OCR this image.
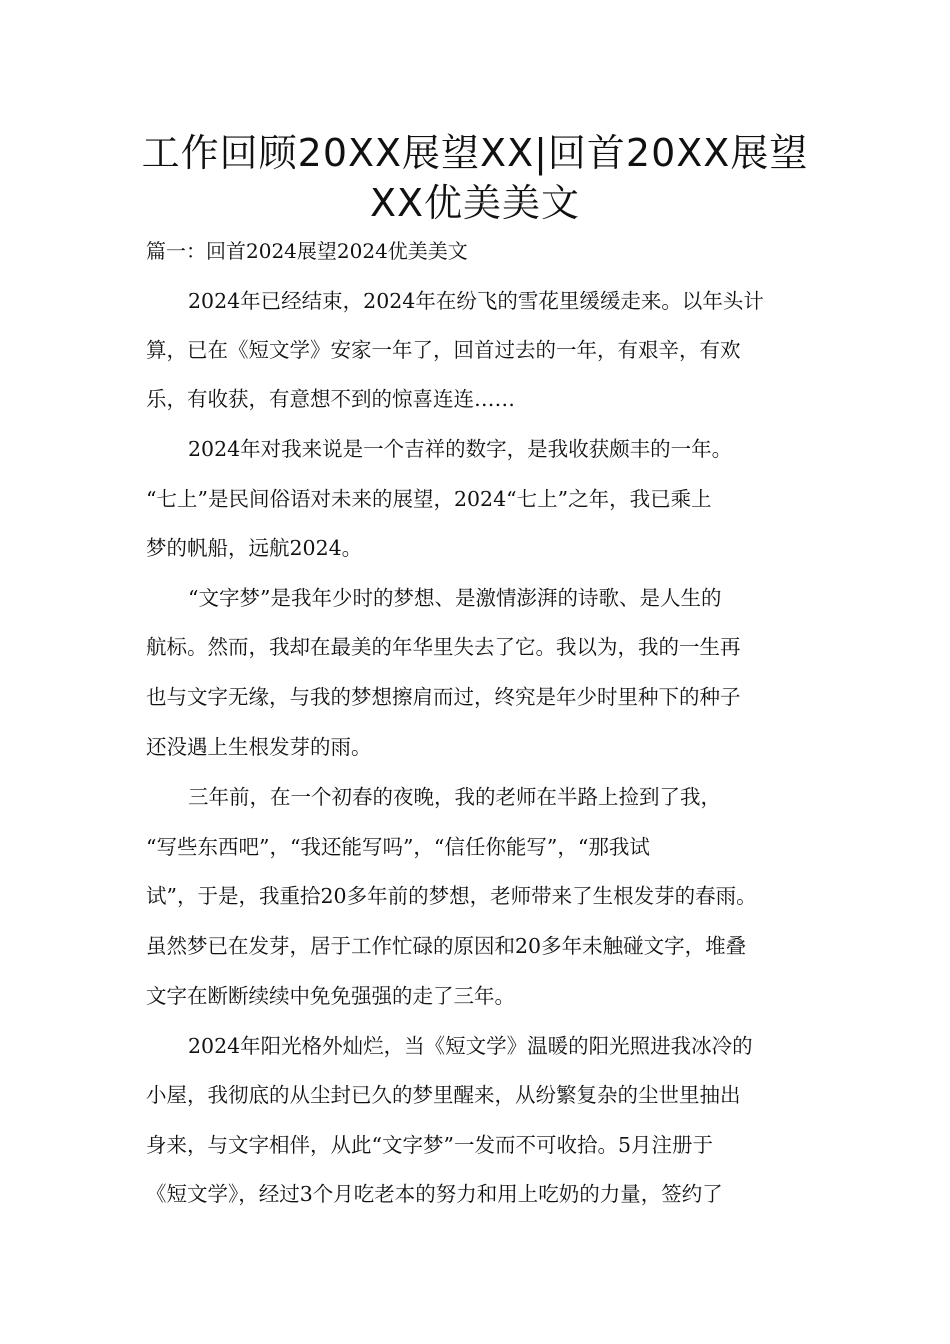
工作回顾20XX展望XX|回首20XX展望
XX优美美文

篇一：回首2024展望2024优美美文

2024年已经结束，2024年在纷飞的雪花里缓缓走来。以年头计

算，已在《短文学》安家一年了，回首过去的一年，有艰辛，有欢

乐，有收获，有意想不到的惊喜连连……

2024年对我来说是一个吉祥的数字，是我收获颇丰的一年。

“七上”是民间俗语对未来的展望，2024“七上”之年，我已乘上

梦的帆船，远航2024。

“文字梦”是我年少时的梦想、是激情澎湃的诗歌、是人生的

航标。然而，我却在最美的年华里失去了它。我以为，我的一生再

也与文字无缘，与我的梦想擦肩而过，终究是年少时里种下的种子

还没遇上生根发芽的雨。

三年前，在一个初春的夜晚，我的老师在半路上捡到了我，

“写些东西吧”，“我还能写吗”，“信任你能写”，“那我试

试”，于是，我重拾20多年前的梦想，老师带来了生根发芽的春雨。

虽然梦已在发芽，居于工作忙碌的原因和20多年未触碰文字，堆叠

文字在断断续续中免免强强的走了三年。

2024年阳光格外灿烂，当《短文学》温暖的阳光照进我冰冷的

小屋，我彻底的从尘封已久的梦里醒来，从纷繁复杂的尘世里抽出

身来，与文字相伴，从此“文字梦”一发而不可收拾。5月注册于

《短文学》，经过3个月吃老本的努力和用上吃奶的力量，签约了
